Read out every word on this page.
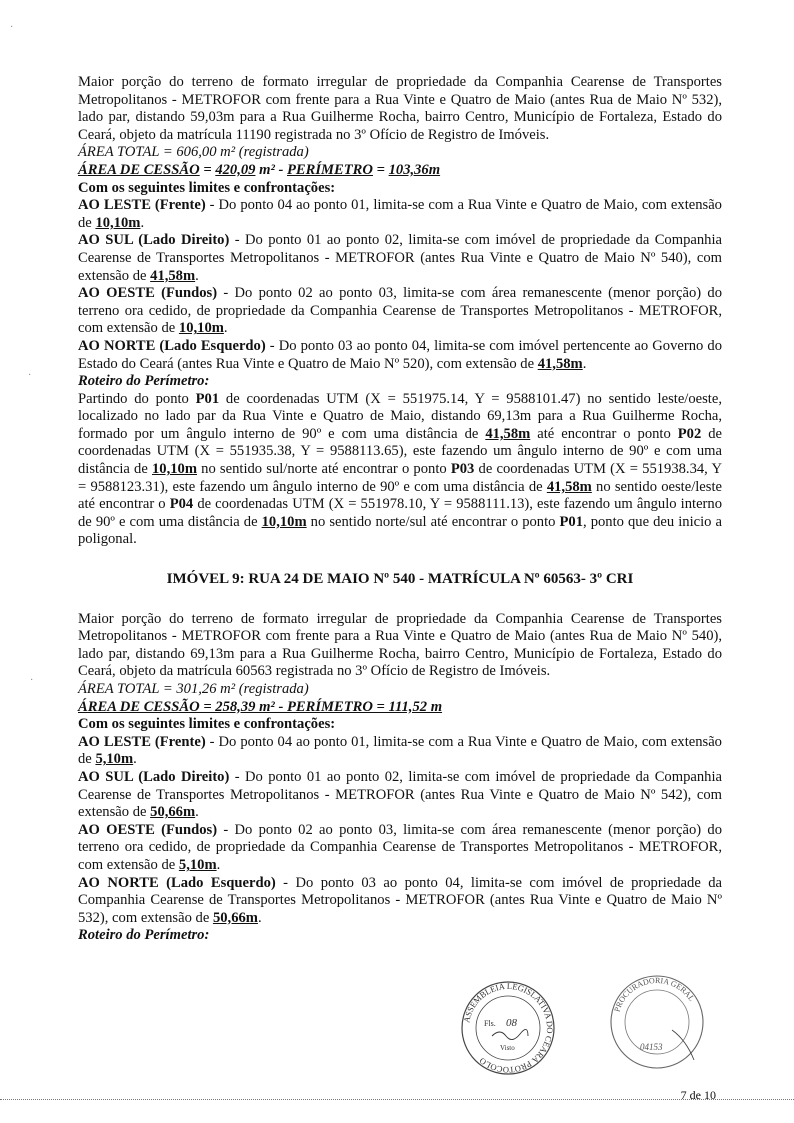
Maior porção do terreno de formato irregular de propriedade da Companhia Cearense de Transportes Metropolitanos - METROFOR com frente para a Rua Vinte e Quatro de Maio (antes Rua de Maio Nº 532), lado par, distando 59,03m para a Rua Guilherme Rocha, bairro Centro, Município de Fortaleza, Estado do Ceará, objeto da matrícula 11190 registrada no 3º Ofício de Registro de Imóveis.

ÁREA TOTAL = 606,00 m² (registrada)
ÁREA DE CESSÃO = 420,09 m² - PERÍMETRO = 103,36m
Com os seguintes limites e confrontações:

AO LESTE (Frente) - Do ponto 04 ao ponto 01, limita-se com a Rua Vinte e Quatro de Maio, com extensão de 10,10m.

AO SUL (Lado Direito) - Do ponto 01 ao ponto 02, limita-se com imóvel de propriedade da Companhia Cearense de Transportes Metropolitanos - METROFOR (antes Rua Vinte e Quatro de Maio Nº 540), com extensão de 41,58m.

AO OESTE (Fundos) - Do ponto 02 ao ponto 03, limita-se com área remanescente (menor porção) do terreno ora cedido, de propriedade da Companhia Cearense de Transportes Metropolitanos - METROFOR, com extensão de 10,10m.

AO NORTE (Lado Esquerdo) - Do ponto 03 ao ponto 04, limita-se com imóvel pertencente ao Governo do Estado do Ceará (antes Rua Vinte e Quatro de Maio Nº 520), com extensão de 41,58m.

Roteiro do Perímetro:

Partindo do ponto P01 de coordenadas UTM (X = 551975.14, Y = 9588101.47) no sentido leste/oeste, localizado no lado par da Rua Vinte e Quatro de Maio, distando 69,13m para a Rua Guilherme Rocha, formado por um ângulo interno de 90º e com uma distância de 41,58m até encontrar o ponto P02 de coordenadas UTM (X = 551935.38, Y = 9588113.65), este fazendo um ângulo interno de 90º e com uma distância de 10,10m no sentido sul/norte até encontrar o ponto P03 de coordenadas UTM (X = 551938.34, Y = 9588123.31), este fazendo um ângulo interno de 90º e com uma distância de 41,58m no sentido oeste/leste até encontrar o P04 de coordenadas UTM (X = 551978.10, Y = 9588111.13), este fazendo um ângulo interno de 90º e com uma distância de 10,10m no sentido norte/sul até encontrar o ponto P01, ponto que deu inicio a poligonal.

IMÓVEL 9: RUA 24 DE MAIO Nº 540 - MATRÍCULA Nº 60563- 3º CRI

Maior porção do terreno de formato irregular de propriedade da Companhia Cearense de Transportes Metropolitanos - METROFOR com frente para a Rua Vinte e Quatro de Maio (antes Rua de Maio Nº 540), lado par, distando 69,13m para a Rua Guilherme Rocha, bairro Centro, Município de Fortaleza, Estado do Ceará, objeto da matrícula 60563 registrada no 3º Ofício de Registro de Imóveis.

ÁREA TOTAL = 301,26 m² (registrada)
ÁREA DE CESSÃO = 258,39 m² - PERÍMETRO = 111,52 m
Com os seguintes limites e confrontações:

AO LESTE (Frente) - Do ponto 04 ao ponto 01, limita-se com a Rua Vinte e Quatro de Maio, com extensão de 5,10m.

AO SUL (Lado Direito) - Do ponto 01 ao ponto 02, limita-se com imóvel de propriedade da Companhia Cearense de Transportes Metropolitanos - METROFOR (antes Rua Vinte e Quatro de Maio Nº 542), com extensão de 50,66m.

AO OESTE (Fundos) - Do ponto 02 ao ponto 03, limita-se com área remanescente (menor porção) do terreno ora cedido, de propriedade da Companhia Cearense de Transportes Metropolitanos - METROFOR, com extensão de 5,10m.

AO NORTE (Lado Esquerdo) - Do ponto 03 ao ponto 04, limita-se com imóvel de propriedade da Companhia Cearense de Transportes Metropolitanos - METROFOR (antes Rua Vinte e Quatro de Maio Nº 532), com extensão de 50,66m.

Roteiro do Perímetro:
ASSEMBLEIA LEGISLATIVA DO CEARÁ PROTOCOLO
Fls. 08
Visto
PROCURADORIA GERAL
04153
·
·
·
7 de 10
